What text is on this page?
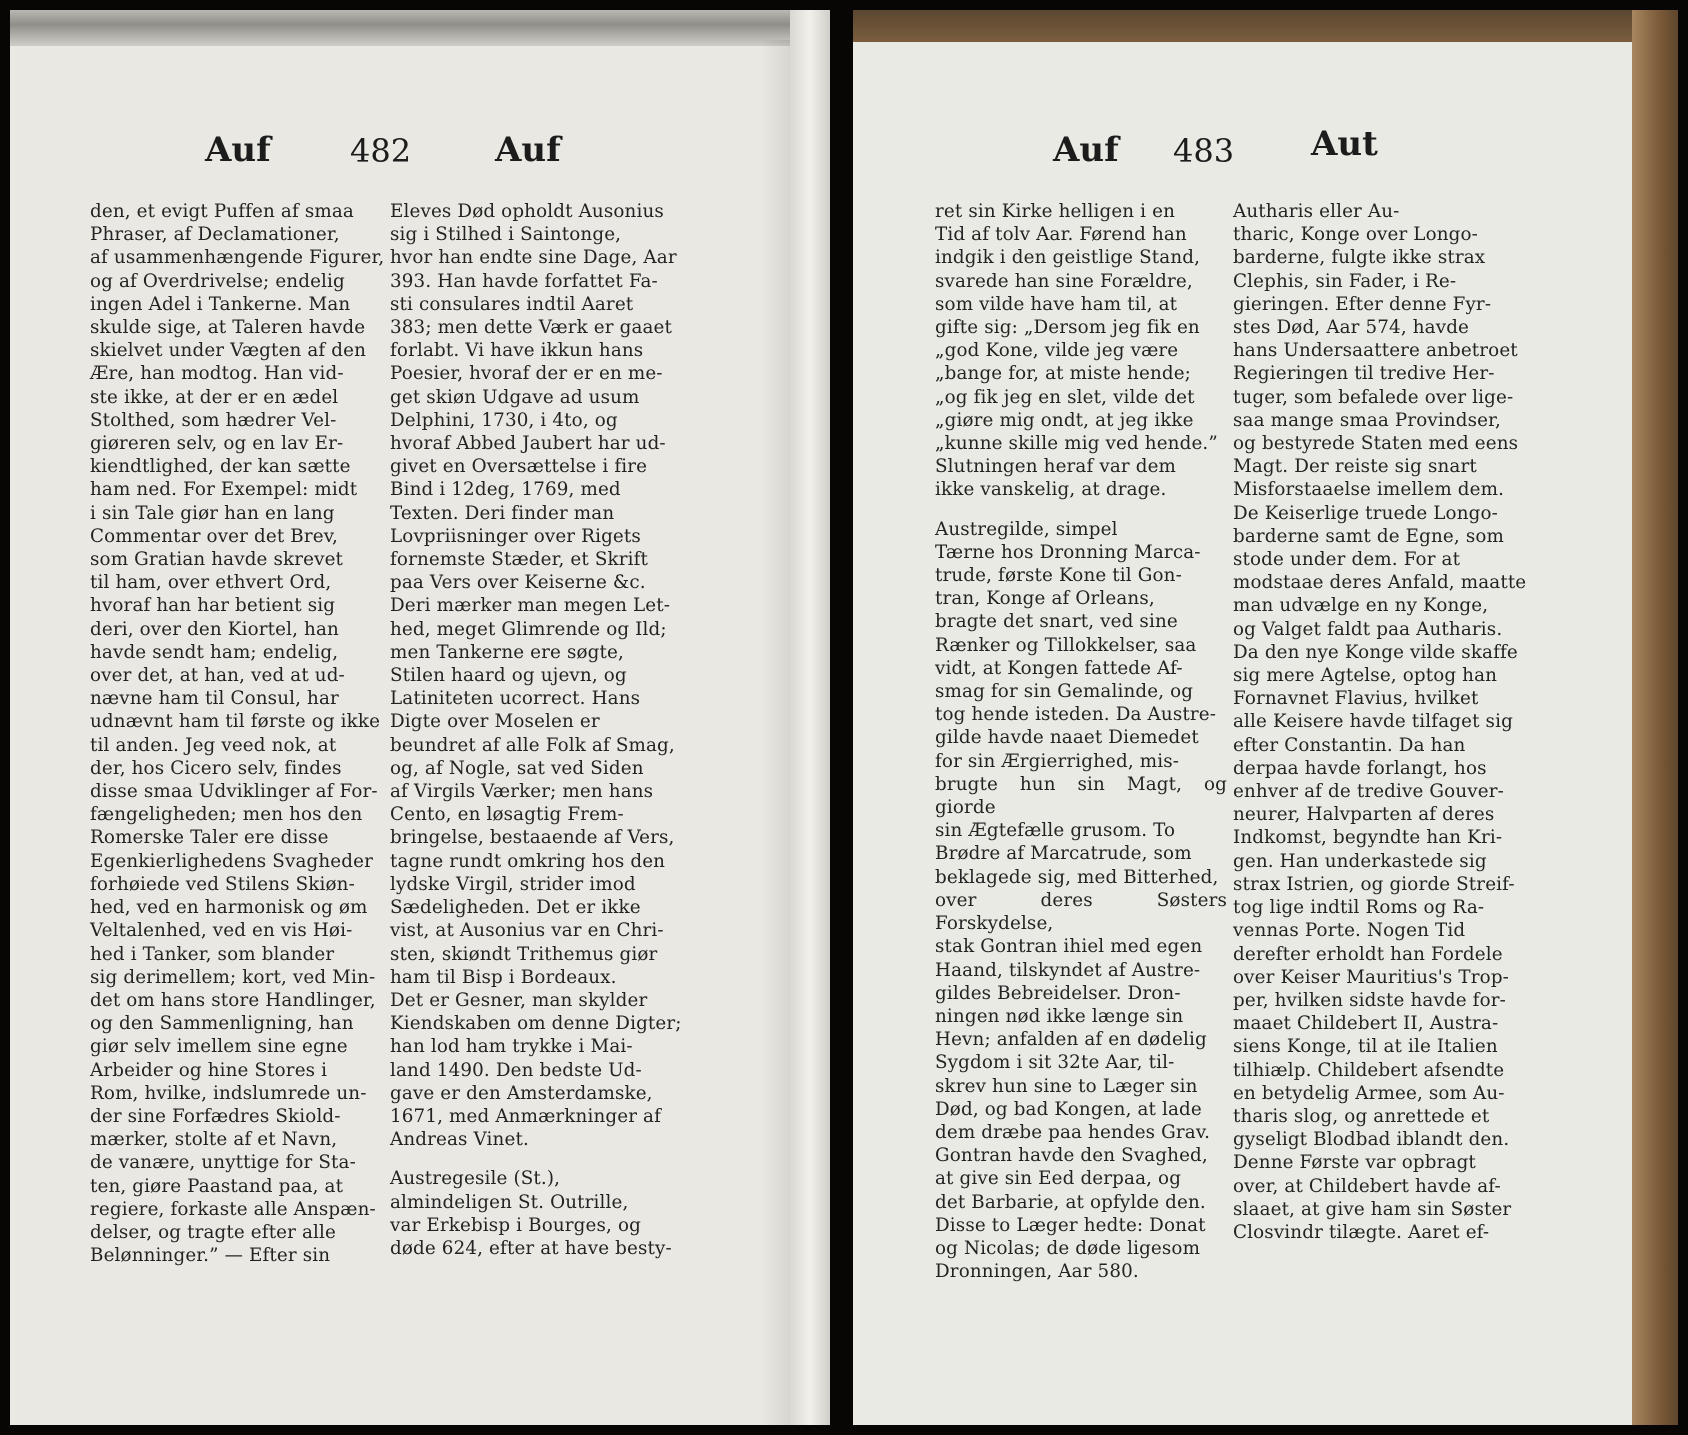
Auf 482 Auf

den, et evigt Puffen af smaa
Phraser, af Declamationer,
af usammenhængende Figurer,
og af Overdrivelse; endelig
ingen Adel i Tankerne. Man
skulde sige, at Taleren havde
skielvet under Vægten af den
Ære, han modtog. Han vid-
ste ikke, at der er en ædel
Stolthed, som hædrer Vel-
giøreren selv, og en lav Er-
kiendtlighed, der kan sætte
ham ned. For Exempel: midt
i sin Tale giør han en lang
Commentar over det Brev,
som Gratian havde skrevet
til ham, over ethvert Ord,
hvoraf han har betient sig
deri, over den Kiortel, han
havde sendt ham; endelig,
over det, at han, ved at ud-
nævne ham til Consul, har
udnævnt ham til første og ikke
til anden. Jeg veed nok, at
der, hos Cicero selv, findes
disse smaa Udviklinger af For-
fængeligheden; men hos den
Romerske Taler ere disse
Egenkierlighedens Svagheder
forhøiede ved Stilens Skiøn-
hed, ved en harmonisk og øm
Veltalenhed, ved en vis Høi-
hed i Tanker, som blander
sig derimellem; kort, ved Min-
det om hans store Handlinger,
og den Sammenligning, han
giør selv imellem sine egne
Arbeider og hine Stores i
Rom, hvilke, indslumrede un-
der sine Forfædres Skiold-
mærker, stolte af et Navn,
de vanære, unyttige for Sta-
ten, giøre Paastand paa, at
regiere, forkaste alle Anspæn-
delser, og tragte efter alle
Belønninger.” — Efter sin

Eleves Død opholdt Ausonius
sig i Stilhed i Saintonge,
hvor han endte sine Dage, Aar
393. Han havde forfattet Fa-
sti consulares indtil Aaret
383; men dette Værk er gaaet
forlabt. Vi have ikkun hans
Poesier, hvoraf der er en me-
get skiøn Udgave ad usum
Delphini, 1730, i 4to, og
hvoraf Abbed Jaubert har ud-
givet en Oversættelse i fire
Bind i 12deg, 1769, med
Texten. Deri finder man
Lovpriisninger over Rigets
fornemste Stæder, et Skrift
paa Vers over Keiserne &c.
Deri mærker man megen Let-
hed, meget Glimrende og Ild;
men Tankerne ere søgte,
Stilen haard og ujevn, og
Latiniteten ucorrect. Hans
Digte over Moselen er
beundret af alle Folk af Smag,
og, af Nogle, sat ved Siden
af Virgils Værker; men hans
Cento, en løsagtig Frem-
bringelse, bestaaende af Vers,
tagne rundt omkring hos den
lydske Virgil, strider imod
Sædeligheden. Det er ikke
vist, at Ausonius var en Chri-
sten, skiøndt Trithemus giør
ham til Bisp i Bordeaux.
Det er Gesner, man skylder
Kiendskaben om denne Digter;
han lod ham trykke i Mai-
land 1490. Den bedste Ud-
gave er den Amsterdamske,
1671, med Anmærkninger af
Andreas Vinet.

Austregesile (St.),
almindeligen St. Outrille,
var Erkebisp i Bourges, og
døde 624, efter at have besty-

Auf 483 Aut

ret sin Kirke helligen i en
Tid af tolv Aar. Førend han
indgik i den geistlige Stand,
svarede han sine Forældre,
som vilde have ham til, at
gifte sig: „Dersom jeg fik en
„god Kone, vilde jeg være
„bange for, at miste hende;
„og fik jeg en slet, vilde det
„giøre mig ondt, at jeg ikke
„kunne skille mig ved hende.”
Slutningen heraf var dem
ikke vanskelig, at drage.

Austregilde, simpel
Tærne hos Dronning Marca-
trude, første Kone til Gon-
tran, Konge af Orleans,
bragte det snart, ved sine
Rænker og Tillokkelser, saa
vidt, at Kongen fattede Af-
smag for sin Gemalinde, og
tog hende isteden. Da Austre-
gilde havde naaet Diemedet
for sin Ærgierrighed, mis-
brugte hun sin Magt, og giorde
sin Ægtefælle grusom. To
Brødre af Marcatrude, som
beklagede sig, med Bitterhed,
over deres Søsters Forskydelse,
stak Gontran ihiel med egen
Haand, tilskyndet af Austre-
gildes Bebreidelser. Dron-
ningen nød ikke længe sin
Hevn; anfalden af en dødelig
Sygdom i sit 32te Aar, til-
skrev hun sine to Læger sin
Død, og bad Kongen, at lade
dem dræbe paa hendes Grav.
Gontran havde den Svaghed,
at give sin Eed derpaa, og
det Barbarie, at opfylde den.
Disse to Læger hedte: Donat
og Nicolas; de døde ligesom
Dronningen, Aar 580.

Autharis eller Au-
tharic, Konge over Longo-
barderne, fulgte ikke strax
Clephis, sin Fader, i Re-
gieringen. Efter denne Fyr-
stes Død, Aar 574, havde
hans Undersaattere anbetroet
Regieringen til tredive Her-
tuger, som befalede over lige-
saa mange smaa Provindser,
og bestyrede Staten med eens
Magt. Der reiste sig snart
Misforstaaelse imellem dem.
De Keiserlige truede Longo-
barderne samt de Egne, som
stode under dem. For at
modstaae deres Anfald, maatte
man udvælge en ny Konge,
og Valget faldt paa Autharis.
Da den nye Konge vilde skaffe
sig mere Agtelse, optog han
Fornavnet Flavius, hvilket
alle Keisere havde tilfaget sig
efter Constantin. Da han
derpaa havde forlangt, hos
enhver af de tredive Gouver-
neurer, Halvparten af deres
Indkomst, begyndte han Kri-
gen. Han underkastede sig
strax Istrien, og giorde Streif-
tog lige indtil Roms og Ra-
vennas Porte. Nogen Tid
derefter erholdt han Fordele
over Keiser Mauritius's Trop-
per, hvilken sidste havde for-
maaet Childebert II, Austra-
siens Konge, til at ile Italien
tilhiælp. Childebert afsendte
en betydelig Armee, som Au-
tharis slog, og anrettede et
gyseligt Blodbad iblandt den.
Denne Første var opbragt
over, at Childebert havde af-
slaaet, at give ham sin Søster
Closvindr tilægte. Aaret ef-
